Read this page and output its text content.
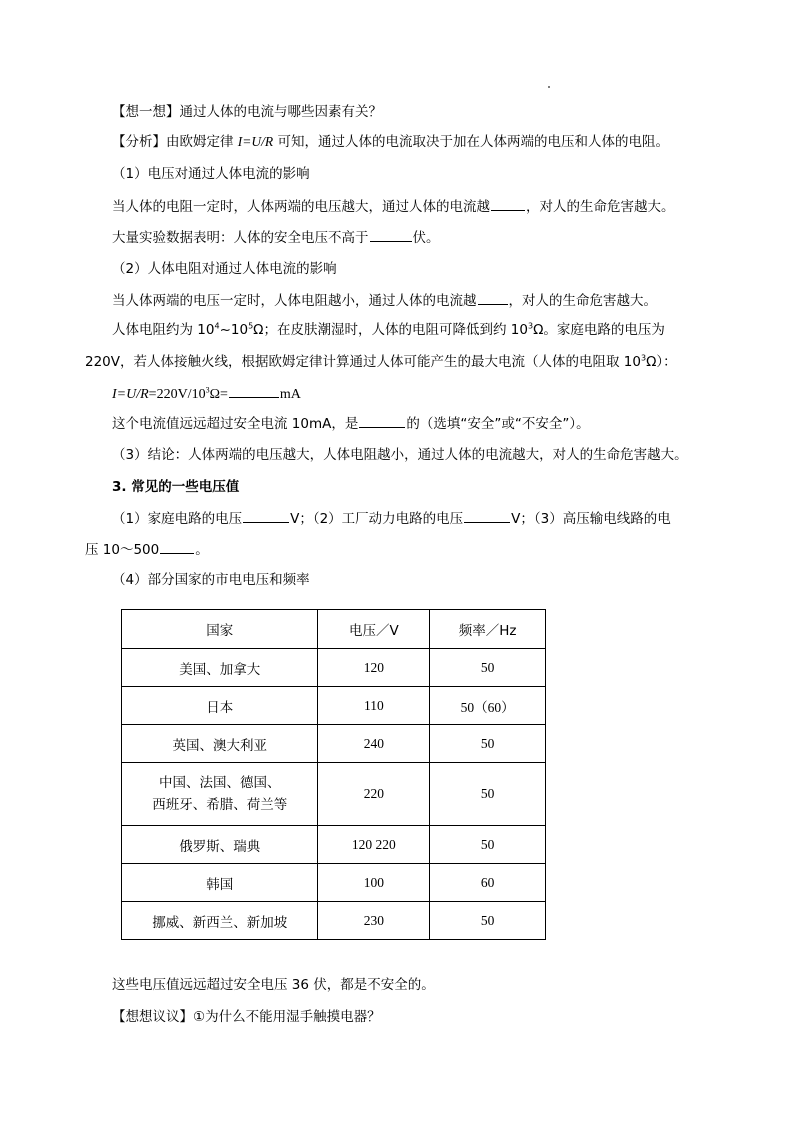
【想一想】通过人体的电流与哪些因素有关？
【分析】由欧姆定律 I=U/R 可知，通过人体的电流取决于加在人体两端的电压和人体的电阻。
（1）电压对通过人体电流的影响
当人体的电阻一定时，人体两端的电压越大，通过人体的电流越	，对人的生命危害越大。
大量实验数据表明：人体的安全电压不高于	伏。
（2）人体电阻对通过人体电流的影响
当人体两端的电压一定时，人体电阻越小，通过人体的电流越 ，对人的生命危害越大。
人体电阻约为 $10^4\sim 10^5\Omega$；在皮肤潮湿时，人体的电阻可降低到约 $10^3\Omega$。家庭电路的电压为
220V，若人体接触火线，根据欧姆定律计算通过人体可能产生的最大电流（人体的电阻取 $10^3\Omega$）：
$I=U/R=220V/10^3\Omega=$	mA
这个电流值远远超过安全电流 10mA，是	的（选填“安全”或“不安全”）。
（3）结论：人体两端的电压越大，人体电阻越小，通过人体的电流越大，对人的生命危害越大。
3. 常见的一些电压值
（1）家庭电路的电压	V；（2）工厂动力电路的电压	V；（3）高压输电线路的电
压 10～500	。
（4）部分国家的市电电压和频率
国家	电压／V	频率／Hz
美国、加拿大	120	50
日本	110	50（60）
英国、澳大利亚	240	50

中国、法国、德国、
西班牙、希腊、荷兰等	220	50
俄罗斯、瑞典	120 220	50
韩国	100	60
挪威、新西兰、新加坡	230	50
这些电压值远远超过安全电压 36 伏，都是不安全的。
【想想议议】①为什么不能用湿手触摸电器？
